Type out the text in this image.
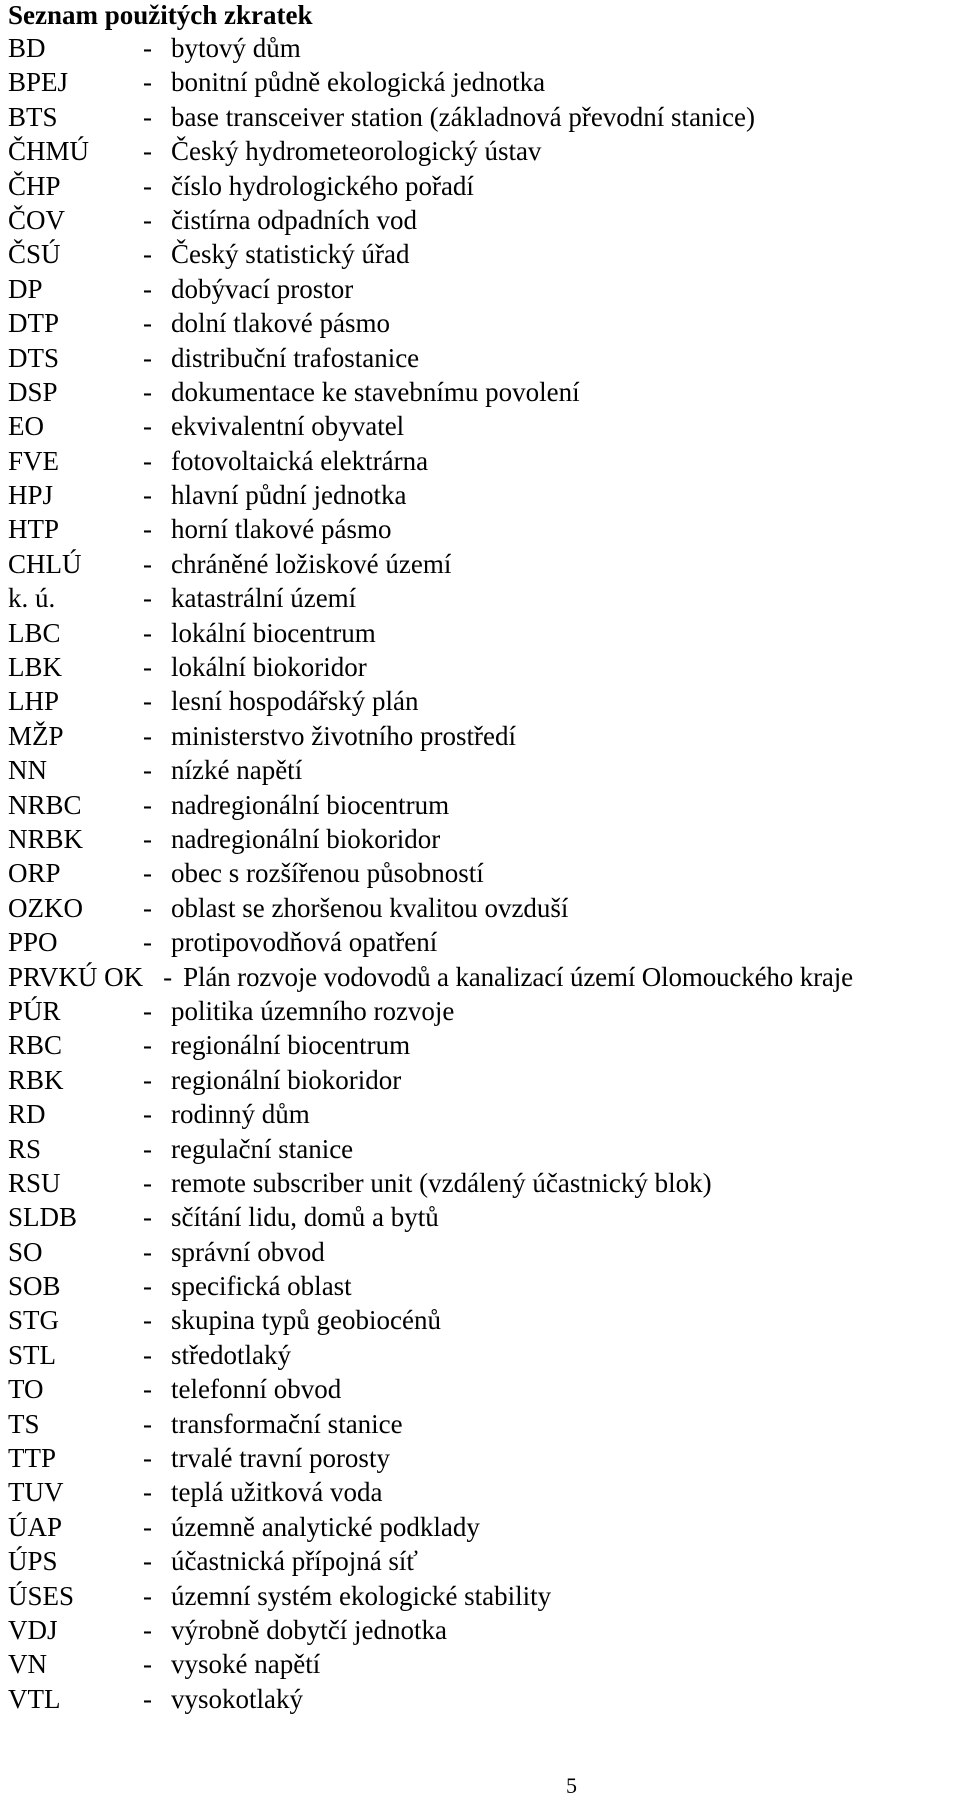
Seznam použitých zkratek
BD	- bytový dům
BPEJ	- bonitní půdně ekologická jednotka
BTS	- base transceiver station (základnová převodní stanice)
ČHMÚ	- Český hydrometeorologický ústav
ČHP	- číslo hydrologického pořadí
ČOV	- čistírna odpadních vod
ČSÚ	- Český statistický úřad
DP	- dobývací prostor
DTP	- dolní tlakové pásmo
DTS	- distribuční trafostanice
DSP	- dokumentace ke stavebnímu povolení
EO	- ekvivalentní obyvatel
FVE	- fotovoltaická elektrárna
HPJ	- hlavní půdní jednotka
HTP	- horní tlakové pásmo
CHLÚ	- chráněné ložiskové území
k. ú.	- katastrální území
LBC	- lokální biocentrum
LBK	- lokální biokoridor
LHP	- lesní hospodářský plán
MŽP	- ministerstvo životního prostředí
NN	- nízké napětí
NRBC	- nadregionální biocentrum
NRBK	- nadregionální biokoridor
ORP	- obec s rozšířenou působností
OZKO	- oblast se zhoršenou kvalitou ovzduší
PPO	- protipovodňová opatření
PRVKÚ OK - Plán rozvoje vodovodů a kanalizací území Olomouckého kraje
PÚR	- politika územního rozvoje
RBC	- regionální biocentrum
RBK	- regionální biokoridor
RD	- rodinný dům
RS	- regulační stanice
RSU	- remote subscriber unit (vzdálený účastnický blok)
SLDB	- sčítání lidu, domů a bytů
SO	- správní obvod
SOB	- specifická oblast
STG	- skupina typů geobiocénů
STL	- středotlaký
TO	- telefonní obvod
TS	- transformační stanice
TTP	- trvalé travní porosty
TUV	- teplá užitková voda
ÚAP	- územně analytické podklady
ÚPS	- účastnická přípojná síť
ÚSES	- územní systém ekologické stability
VDJ	- výrobně dobytčí jednotka
VN	- vysoké napětí
VTL	- vysokotlaký
5
